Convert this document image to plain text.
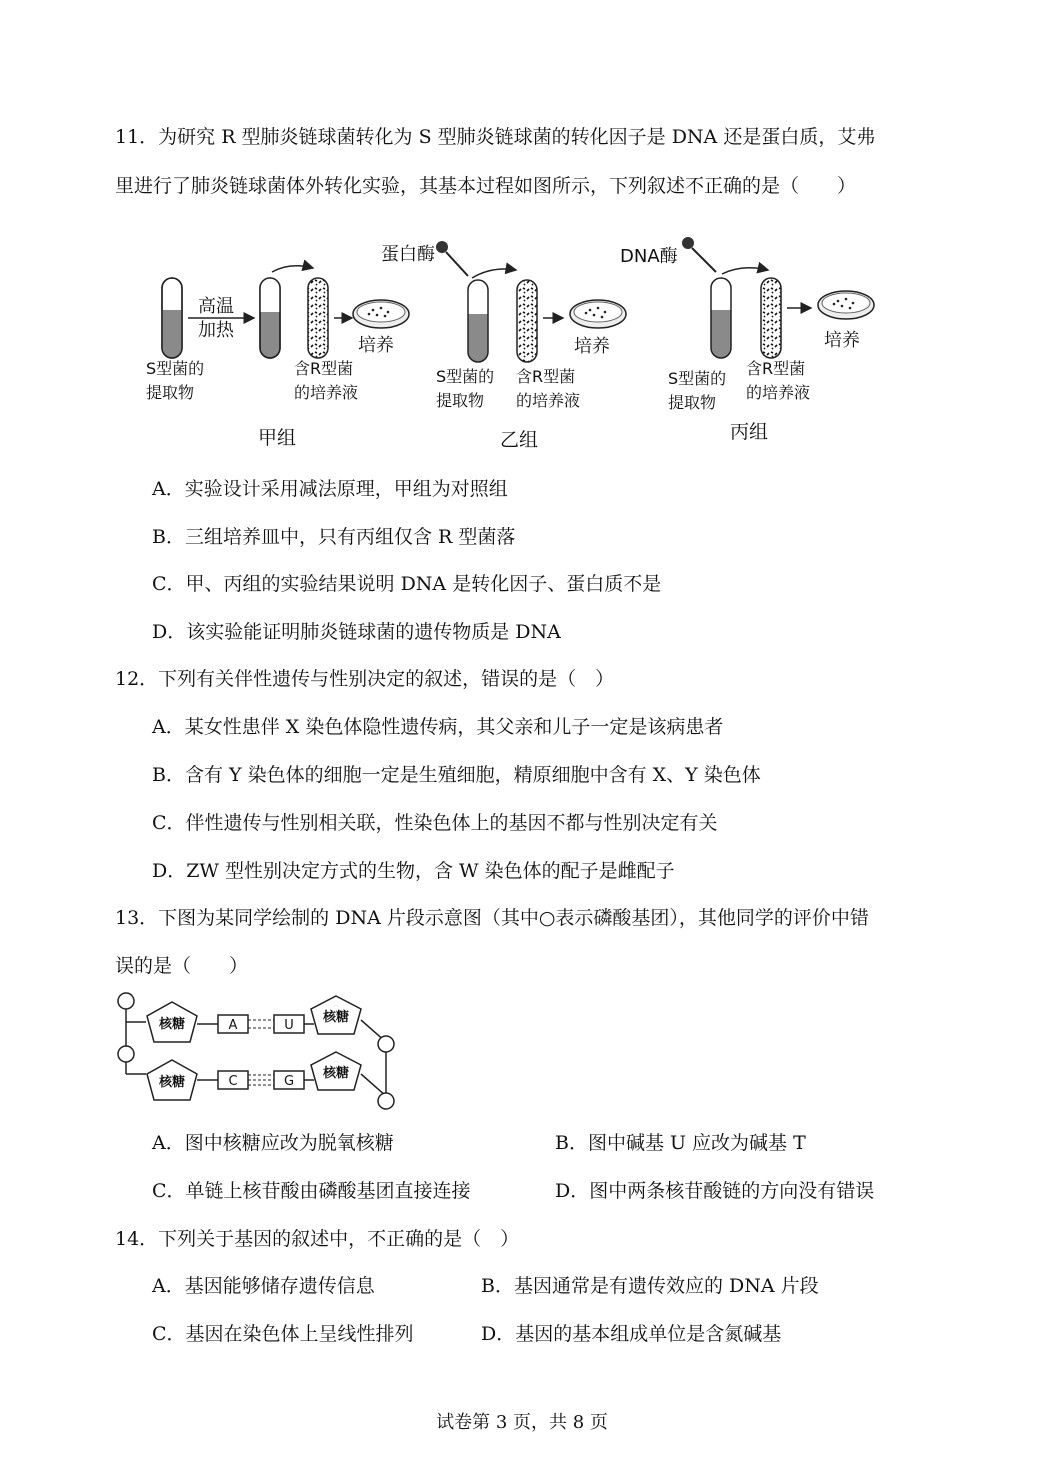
11．为研究 R 型肺炎链球菌转化为 S 型肺炎链球菌的转化因子是 DNA 还是蛋白质，艾弗
里进行了肺炎链球菌体外转化实验，其基本过程如图所示，下列叙述不正确的是（　　）
高温
加热
培养
S型菌的
提取物
含R型菌
的培养液
甲组
蛋白酶
培养
S型菌的
提取物
含R型菌
的培养液
乙组
DNA酶
培养
S型菌的
提取物
含R型菌
的培养液
丙组
A．实验设计采用减法原理，甲组为对照组
B．三组培养皿中，只有丙组仅含 R 型菌落
C．甲、丙组的实验结果说明 DNA 是转化因子、蛋白质不是
D．该实验能证明肺炎链球菌的遗传物质是 DNA
12．下列有关伴性遗传与性别决定的叙述，错误的是（　）
A．某女性患伴 X 染色体隐性遗传病，其父亲和儿子一定是该病患者
B．含有 Y 染色体的细胞一定是生殖细胞，精原细胞中含有 X、Y 染色体
C．伴性遗传与性别相关联，性染色体上的基因不都与性别决定有关
D．ZW 型性别决定方式的生物，含 W 染色体的配子是雌配子
13．下图为某同学绘制的 DNA 片段示意图（其中○表示磷酸基团），其他同学的评价中错
误的是（　　）
核糖	A	U
核糖
核糖	C	G
核糖
A．图中核糖应改为脱氧核糖	B．图中碱基 U 应改为碱基 T
C．单链上核苷酸由磷酸基团直接连接	D．图中两条核苷酸链的方向没有错误
14．下列关于基因的叙述中，不正确的是（　）
A．基因能够储存遗传信息	B．基因通常是有遗传效应的 DNA 片段
C．基因在染色体上呈线性排列	D．基因的基本组成单位是含氮碱基
试卷第 3 页，共 8 页
